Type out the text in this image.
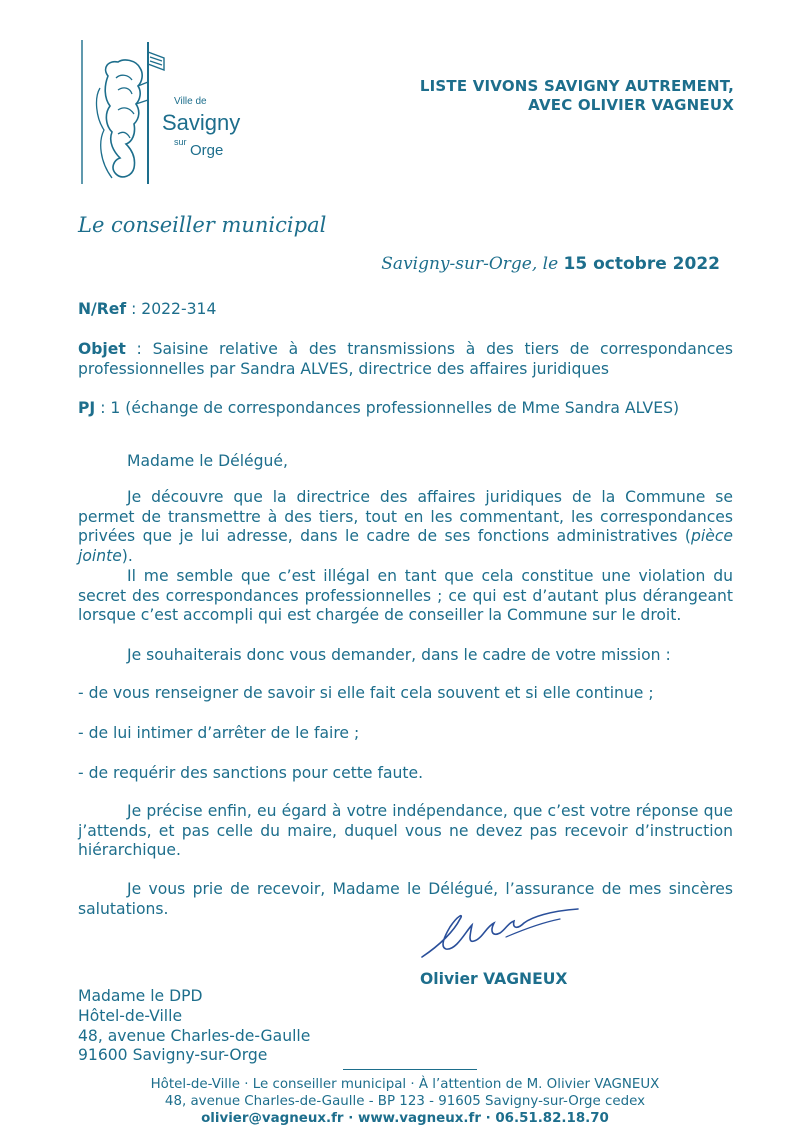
Ville de
Savigny
sur Orge
LISTE VIVONS SAVIGNY AUTREMENT,
AVEC OLIVIER VAGNEUX
Le conseiller municipal
Savigny-sur-Orge, le 15 octobre 2022
N/Ref : 2022-314
Objet : Saisine relative à des transmissions à des tiers de correspondances professionnelles par Sandra ALVES, directrice des affaires juridiques
PJ : 1 (échange de correspondances professionnelles de Mme Sandra ALVES)
Madame le Délégué,
Je découvre que la directrice des affaires juridiques de la Commune se permet de transmettre à des tiers, tout en les commentant, les correspondances privées que je lui adresse, dans le cadre de ses fonctions administratives (pièce jointe).
Il me semble que c’est illégal en tant que cela constitue une violation du secret des correspondances professionnelles ; ce qui est d’autant plus dérangeant lorsque c’est accompli qui est chargée de conseiller la Commune sur le droit.
Je souhaiterais donc vous demander, dans le cadre de votre mission :
- de vous renseigner de savoir si elle fait cela souvent et si elle continue ;
- de lui intimer d’arrêter de le faire ;
- de requérir des sanctions pour cette faute.
Je précise enfin, eu égard à votre indépendance, que c’est votre réponse que j’attends, et pas celle du maire, duquel vous ne devez pas recevoir d’instruction hiérarchique.
Je vous prie de recevoir, Madame le Délégué, l’assurance de mes sincères salutations.
Olivier VAGNEUX
Madame le DPD
Hôtel-de-Ville
48, avenue Charles-de-Gaulle
91600 Savigny-sur-Orge
Hôtel-de-Ville · Le conseiller municipal · À l’attention de M. Olivier VAGNEUX
48, avenue Charles-de-Gaulle - BP 123 - 91605 Savigny-sur-Orge cedex
olivier@vagneux.fr · www.vagneux.fr · 06.51.82.18.70
